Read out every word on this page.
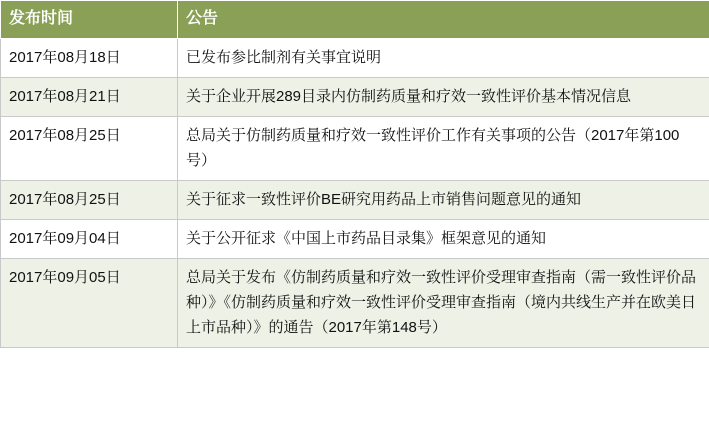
发布时间	公告
2017年08月18日	已发布参比制剂有关事宜说明
2017年08月21日	关于企业开展289目录内仿制药质量和疗效一致性评价基本情况信息
2017年08月25日	总局关于仿制药质量和疗效一致性评价工作有关事项的公告（2017年第100号）
2017年08月25日	关于征求一致性评价BE研究用药品上市销售问题意见的通知
2017年09月04日	关于公开征求《中国上市药品目录集》框架意见的通知
2017年09月05日	总局关于发布《仿制药质量和疗效一致性评价受理审查指南（需一致性评价品种）》《仿制药质量和疗效一致性评价受理审查指南（境内共线生产并在欧美日上市品种）》的通告（2017年第148号）
